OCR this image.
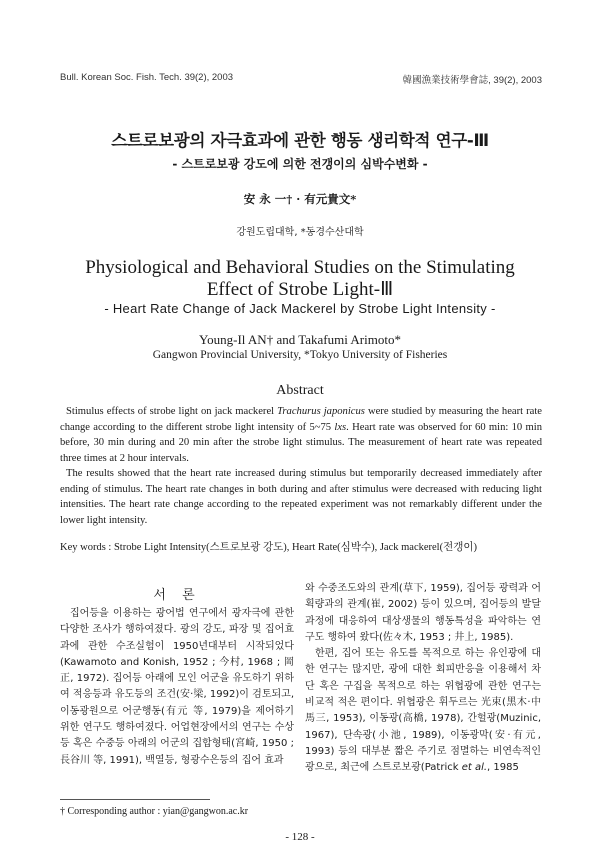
Bull. Korean Soc. Fish. Tech. 39(2), 2003	韓國漁業技術學會誌, 39(2), 2003
스트로보광의 자극효과에 관한 행동 생리학적 연구-Ⅲ
- 스트로보광 강도에 의한 전갱이의 심박수변화 -
安 永 一† · 有元貴文*
강원도립대학, *동경수산대학
Physiological and Behavioral Studies on the Stimulating
Effect of Strobe Light-Ⅲ
- Heart Rate Change of Jack Mackerel by Strobe Light Intensity -
Young-Il AN† and Takafumi Arimoto*
Gangwon Provincial University, *Tokyo University of Fisheries
Abstract

Stimulus effects of strobe light on jack mackerel Trachurus japonicus were studied by measuring the heart rate change according to the different strobe light intensity of 5~75 lxs. Heart rate was observed for 60 min: 10 min before, 30 min during and 20 min after the strobe light stimulus. The measurement of heart rate was repeated three times at 2 hour intervals.

The results showed that the heart rate increased during stimulus but temporarily decreased immediately after ending of stimulus. The heart rate changes in both during and after stimulus were decreased with reducing light intensities. The heart rate change according to the repeated experiment was not remarkably different under the lower light intensity.

Key words : Strobe Light Intensity(스트로보광 강도), Heart Rate(심박수), Jack mackerel(전갱이)
서 론

집어등을 이용하는 광어법 연구에서 광자극에 관한 다양한 조사가 행하여졌다. 광의 강도, 파장 및 집어효과에 관한 수조실험이 1950년대부터 시작되었다(Kawamoto and Konish, 1952 ; 今村, 1968 ; 岡正, 1972). 집어등 아래에 모인 어군을 유도하기 위하여 적응등과 유도등의 조건(安·梁, 1992)이 검토되고, 이동광원으로 어군행동(有元 等, 1979)을 제어하기 위한 연구도 행하여졌다. 어업현장에서의 연구는 수상등 혹은 수중등 아래의 어군의 집합형태(宮崎, 1950 ; 長谷川 等, 1991), 백열등, 형광수은등의 집어 효과

와 수중조도와의 관계(草下, 1959), 집어등 광력과 어획량과의 관계(崔, 2002) 등이 있으며, 집어등의 발달 과정에 대응하여 대상생물의 행동특성을 파악하는 연구도 행하여 왔다(佐々木, 1953 ; 井上, 1985).

한편, 집어 또는 유도를 목적으로 하는 유인광에 대한 연구는 많지만, 광에 대한 회피반응을 이용해서 차단 혹은 구집을 목적으로 하는 위협광에 관한 연구는 비교적 적은 편이다. 위협광은 휘두르는 光束(黑木·中馬三, 1953), 이동광(高橋, 1978), 간헐광(Muzinic, 1967), 단속광(小池, 1989), 이동광막(安·有元, 1993) 등의 대부분 짧은 주기로 점멸하는 비연속적인 광으로, 최근에 스트로보광(Patrick et al., 1985

† Corresponding author : yian@gangwon.ac.kr
- 128 -
